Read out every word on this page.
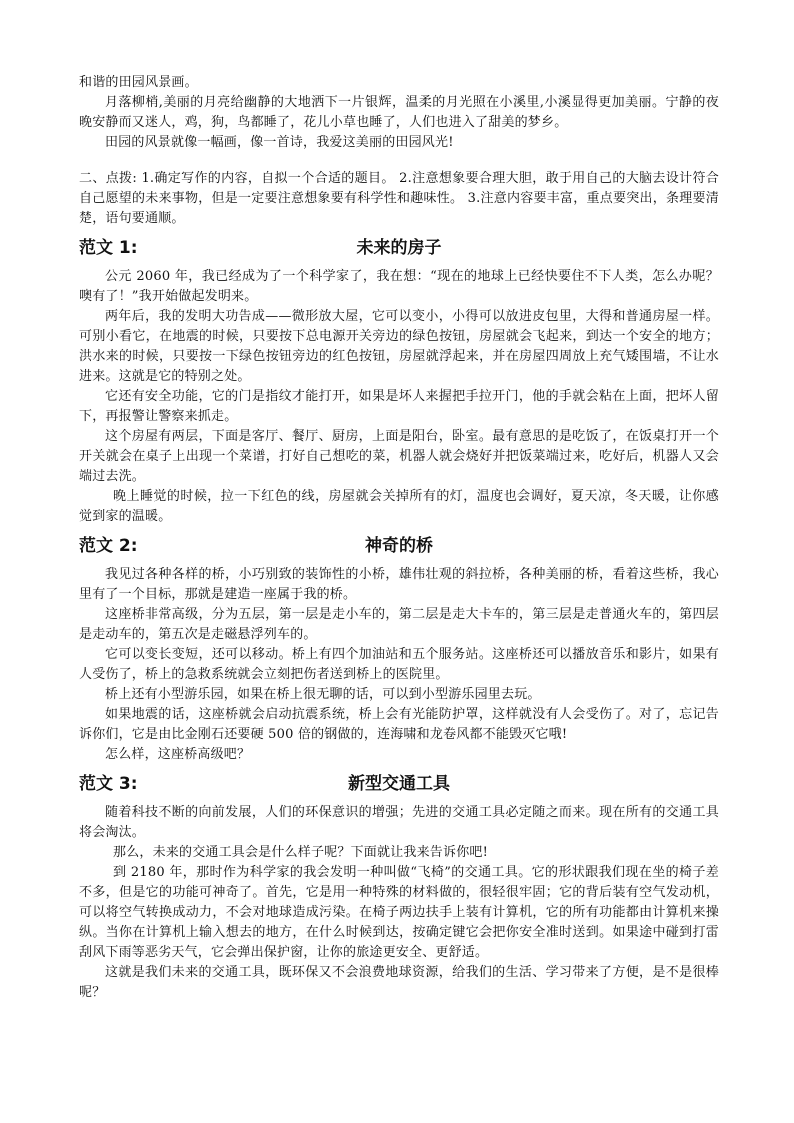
和谐的田园风景画。

月落柳梢,美丽的月亮给幽静的大地洒下一片银辉，温柔的月光照在小溪里,小溪显得更加美丽。宁静的夜晚安静而又迷人，鸡，狗，鸟都睡了，花儿小草也睡了，人们也进入了甜美的梦乡。

田园的风景就像一幅画，像一首诗，我爱这美丽的田园风光!

二、点拨: 1.确定写作的内容，自拟一个合适的题目。 2.注意想象要合理大胆，敢于用自己的大脑去设计符合自己愿望的未来事物，但是一定要注意想象要有科学性和趣味性。 3.注意内容要丰富，重点要突出，条理要清楚，语句要通顺。

范文 1:	未来的房子

公元 2060 年，我已经成为了一个科学家了，我在想：“现在的地球上已经快要住不下人类，怎么办呢？噢有了！”我开始做起发明来。

两年后，我的发明大功告成——微形放大屋，它可以变小，小得可以放进皮包里，大得和普通房屋一样。可别小看它，在地震的时候，只要按下总电源开关旁边的绿色按钮，房屋就会飞起来，到达一个安全的地方；洪水来的时候，只要按一下绿色按钮旁边的红色按钮，房屋就浮起来，并在房屋四周放上充气矮围墙，不让水进来。这就是它的特别之处。

它还有安全功能，它的门是指纹才能打开，如果是坏人来握把手拉开门，他的手就会粘在上面，把坏人留下，再报警让警察来抓走。

这个房屋有两层，下面是客厅、餐厅、厨房，上面是阳台，卧室。最有意思的是吃饭了，在饭桌打开一个开关就会在桌子上出现一个菜谱，打好自己想吃的菜，机器人就会烧好并把饭菜端过来，吃好后，机器人又会端过去洗。

晚上睡觉的时候，拉一下红色的线，房屋就会关掉所有的灯，温度也会调好，夏天凉，冬天暖，让你感觉到家的温暖。

范文 2:	神奇的桥

我见过各种各样的桥，小巧别致的装饰性的小桥，雄伟壮观的斜拉桥，各种美丽的桥，看着这些桥，我心里有了一个目标，那就是建造一座属于我的桥。

这座桥非常高级，分为五层，第一层是走小车的，第二层是走大卡车的，第三层是走普通火车的，第四层是走动车的，第五次是走磁悬浮列车的。

它可以变长变短，还可以移动。桥上有四个加油站和五个服务站。这座桥还可以播放音乐和影片，如果有人受伤了，桥上的急救系统就会立刻把伤者送到桥上的医院里。

桥上还有小型游乐园，如果在桥上很无聊的话，可以到小型游乐园里去玩。

如果地震的话，这座桥就会启动抗震系统，桥上会有光能防护罩，这样就没有人会受伤了。对了，忘记告诉你们，它是由比金刚石还要硬 500 倍的钢做的，连海啸和龙卷风都不能毁灭它哦!

怎么样，这座桥高级吧？

范文 3:	新型交通工具

随着科技不断的向前发展，人们的环保意识的增强；先进的交通工具必定随之而来。现在所有的交通工具将会淘汰。

那么，未来的交通工具会是什么样子呢？下面就让我来告诉你吧!

到 2180 年，那时作为科学家的我会发明一种叫做“飞椅”的交通工具。它的形状跟我们现在坐的椅子差不多，但是它的功能可神奇了。首先，它是用一种特殊的材料做的，很轻很牢固；它的背后装有空气发动机，可以将空气转换成动力，不会对地球造成污染。在椅子两边扶手上装有计算机，它的所有功能都由计算机来操纵。当你在计算机上输入想去的地方，在什么时候到达，按确定键它会把你安全准时送到。如果途中碰到打雷刮风下雨等恶劣天气，它会弹出保护窗，让你的旅途更安全、更舒适。

这就是我们未来的交通工具，既环保又不会浪费地球资源，给我们的生活、学习带来了方便，是不是很棒呢？
